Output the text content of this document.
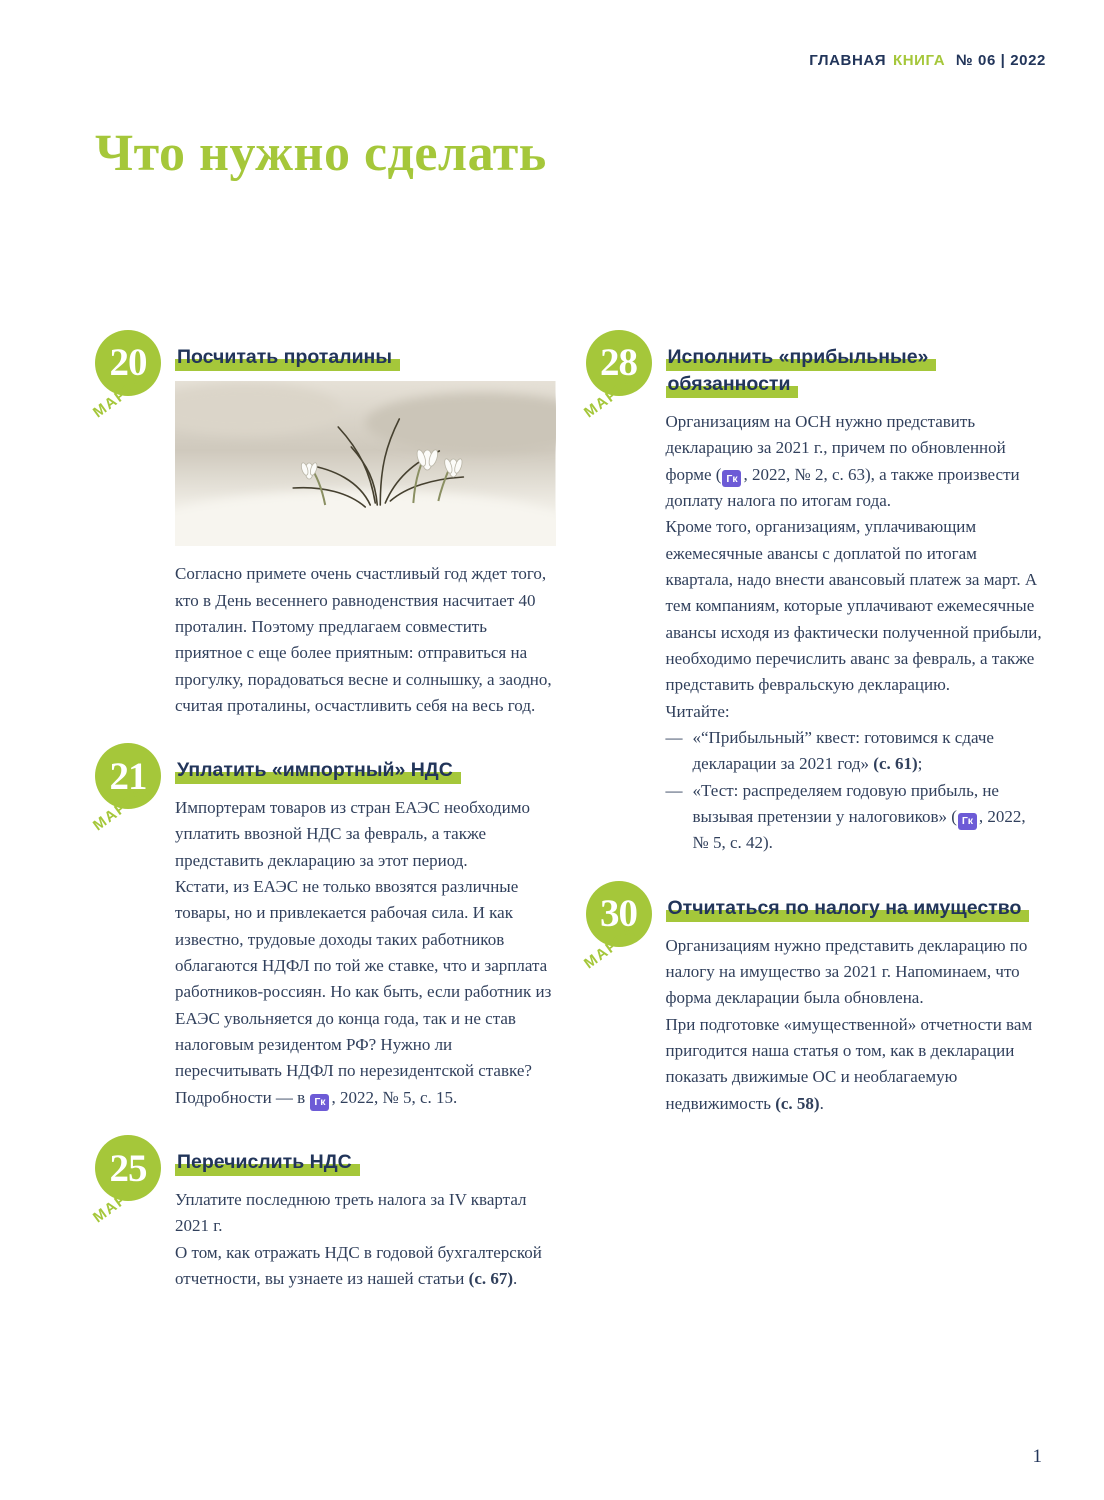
ГЛАВНАЯ КНИГА № 06 | 2022
Что нужно сделать
20
МАРТА
Посчитать проталины

Согласно примете очень счастливый год ждет того, кто в День весеннего равноденствия насчитает 40 проталин. Поэтому предлагаем совместить приятное с еще более приятным: отправиться на прогулку, порадоваться весне и солнышку, а заодно, считая проталины, осчастливить себя на весь год.

21
МАРТА
Уплатить «импортный» НДС

Импортерам товаров из стран ЕАЭС необходимо уплатить ввозной НДС за февраль, а также представить декларацию за этот период.

Кстати, из ЕАЭС не только ввозятся различные товары, но и привлекается рабочая сила. И как известно, трудовые доходы таких работников облагаются НДФЛ по той же ставке, что и зарплата работников-россиян. Но как быть, если работник из ЕАЭС увольняется до конца года, так и не став налоговым резидентом РФ? Нужно ли пересчитывать НДФЛ по нерезидентской ставке? Подробности — в Гк , 2022, № 5, с. 15.

25
МАРТА
Перечислить НДС

Уплатите последнюю треть налога за IV квартал 2021 г.

О том, как отражать НДС в годовой бухгалтерской отчетности, вы узнаете из нашей статьи (с. 67).

28
МАРТА
Исполнить «прибыльные» обязанности

Организациям на ОСН нужно представить декларацию за 2021 г., причем по обновленной форме ( Гк , 2022, № 2, с. 63), а также произвести доплату налога по итогам года.

Кроме того, организациям, уплачивающим ежемесячные авансы с доплатой по итогам квартала, надо внести авансовый платеж за март. А тем компаниям, которые уплачивают ежемесячные авансы исходя из фактически полученной прибыли, необходимо перечислить аванс за февраль, а также представить февральскую декларацию.

Читайте:

— «“Прибыльный” квест: готовимся к сдаче декларации за 2021 год» (с. 61);

— «Тест: распределяем годовую прибыль, не вызывая претензии у налоговиков» ( Гк , 2022, № 5, с. 42).

30
МАРТА
Отчитаться по налогу на имущество

Организациям нужно представить декларацию по налогу на имущество за 2021 г. Напоминаем, что форма декларации была обновлена.

При подготовке «имущественной» отчетности вам пригодится наша статья о том, как в декларации показать движимые ОС и необлагаемую недвижимость (с. 58).

1
